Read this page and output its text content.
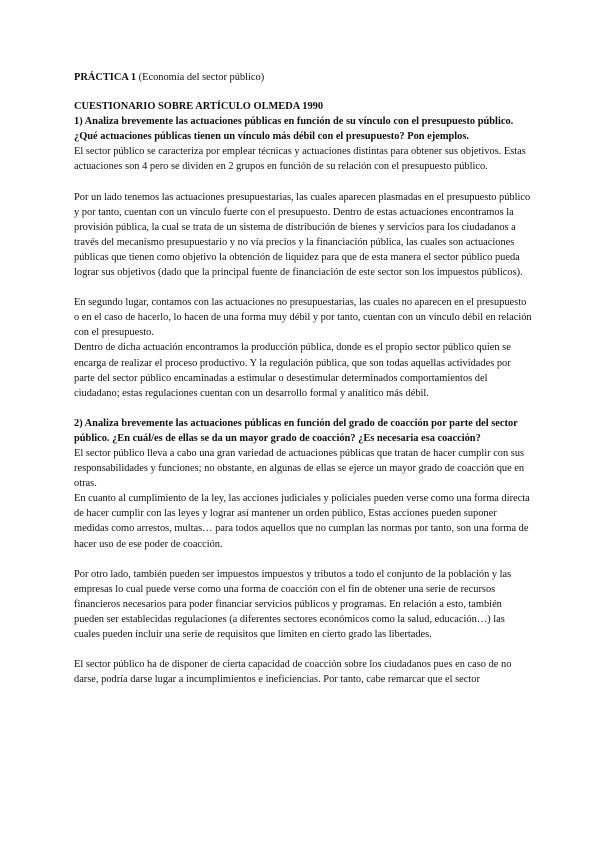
PRÁCTICA 1 (Economía del sector público)

CUESTIONARIO SOBRE ARTÍCULO OLMEDA 1990

1) Analiza brevemente las actuaciones públicas en función de su vínculo con el presupuesto público. ¿Qué actuaciones públicas tienen un vínculo más débil con el presupuesto? Pon ejemplos.

El sector público se caracteriza por emplear técnicas y actuaciones distintas para obtener sus objetivos. Estas actuaciones son 4 pero se dividen en 2 grupos en función de su relación con el presupuesto público.

Por un lado tenemos las actuaciones presupuestarias, las cuales aparecen plasmadas en el presupuesto público y por tanto, cuentan con un vínculo fuerte con el presupuesto. Dentro de estas actuaciones encontramos la provisión pública, la cual se trata de un sistema de distribución de bienes y servicios para los ciudadanos a través del mecanismo presupuestario y no vía precios y la financiación pública, las cuales son actuaciones públicas que tienen como objetivo la obtención de liquidez para que de esta manera el sector público pueda lograr sus objetivos (dado que la principal fuente de financiación de este sector son los impuestos públicos).

En segundo lugar, contamos con las actuaciones no presupuestarias, las cuales no aparecen en el presupuesto o en el caso de hacerlo, lo hacen de una forma muy débil y por tanto, cuentan con un vínculo débil en relación con el presupuesto.

Dentro de dicha actuación encontramos la producción pública, donde es el propio sector público quien se encarga de realizar el proceso productivo. Y la regulación pública, que son todas aquellas actividades por parte del sector público encaminadas a estimular o desestimular determinados comportamientos del ciudadano; estas regulaciones cuentan con un desarrollo formal y analítico más débil.

2) Analiza brevemente las actuaciones públicas en función del grado de coacción por parte del sector público. ¿En cuál/es de ellas se da un mayor grado de coacción? ¿Es necesaria esa coacción?

El sector público lleva a cabo una gran variedad de actuaciones públicas que tratan de hacer cumplir con sus responsabilidades y funciones; no obstante, en algunas de ellas se ejerce un mayor grado de coacción que en otras.

En cuanto al cumplimiento de la ley, las acciones judiciales y policiales pueden verse como una forma directa de hacer cumplir con las leyes y lograr así mantener un orden público, Estas acciones pueden suponer medidas como arrestos, multas… para todos aquellos que no cumplan las normas por tanto, son una forma de hacer uso de ese poder de coacción.

Por otro lado, también pueden ser impuestos impuestos y tributos a todo el conjunto de la población y las empresas lo cual puede verse como una forma de coacción con el fin de obtener una serie de recursos financieros necesarios para poder financiar servicios públicos y programas. En relación a esto, también pueden ser establecidas regulaciones (a diferentes sectores económicos como la salud, educación…) las cuales pueden incluir una serie de requisitos que limiten en cierto grado las libertades.

El sector público ha de disponer de cierta capacidad de coacción sobre los ciudadanos pues en caso de no darse, podría darse lugar a incumplimientos e ineficiencias. Por tanto, cabe remarcar que el sector
